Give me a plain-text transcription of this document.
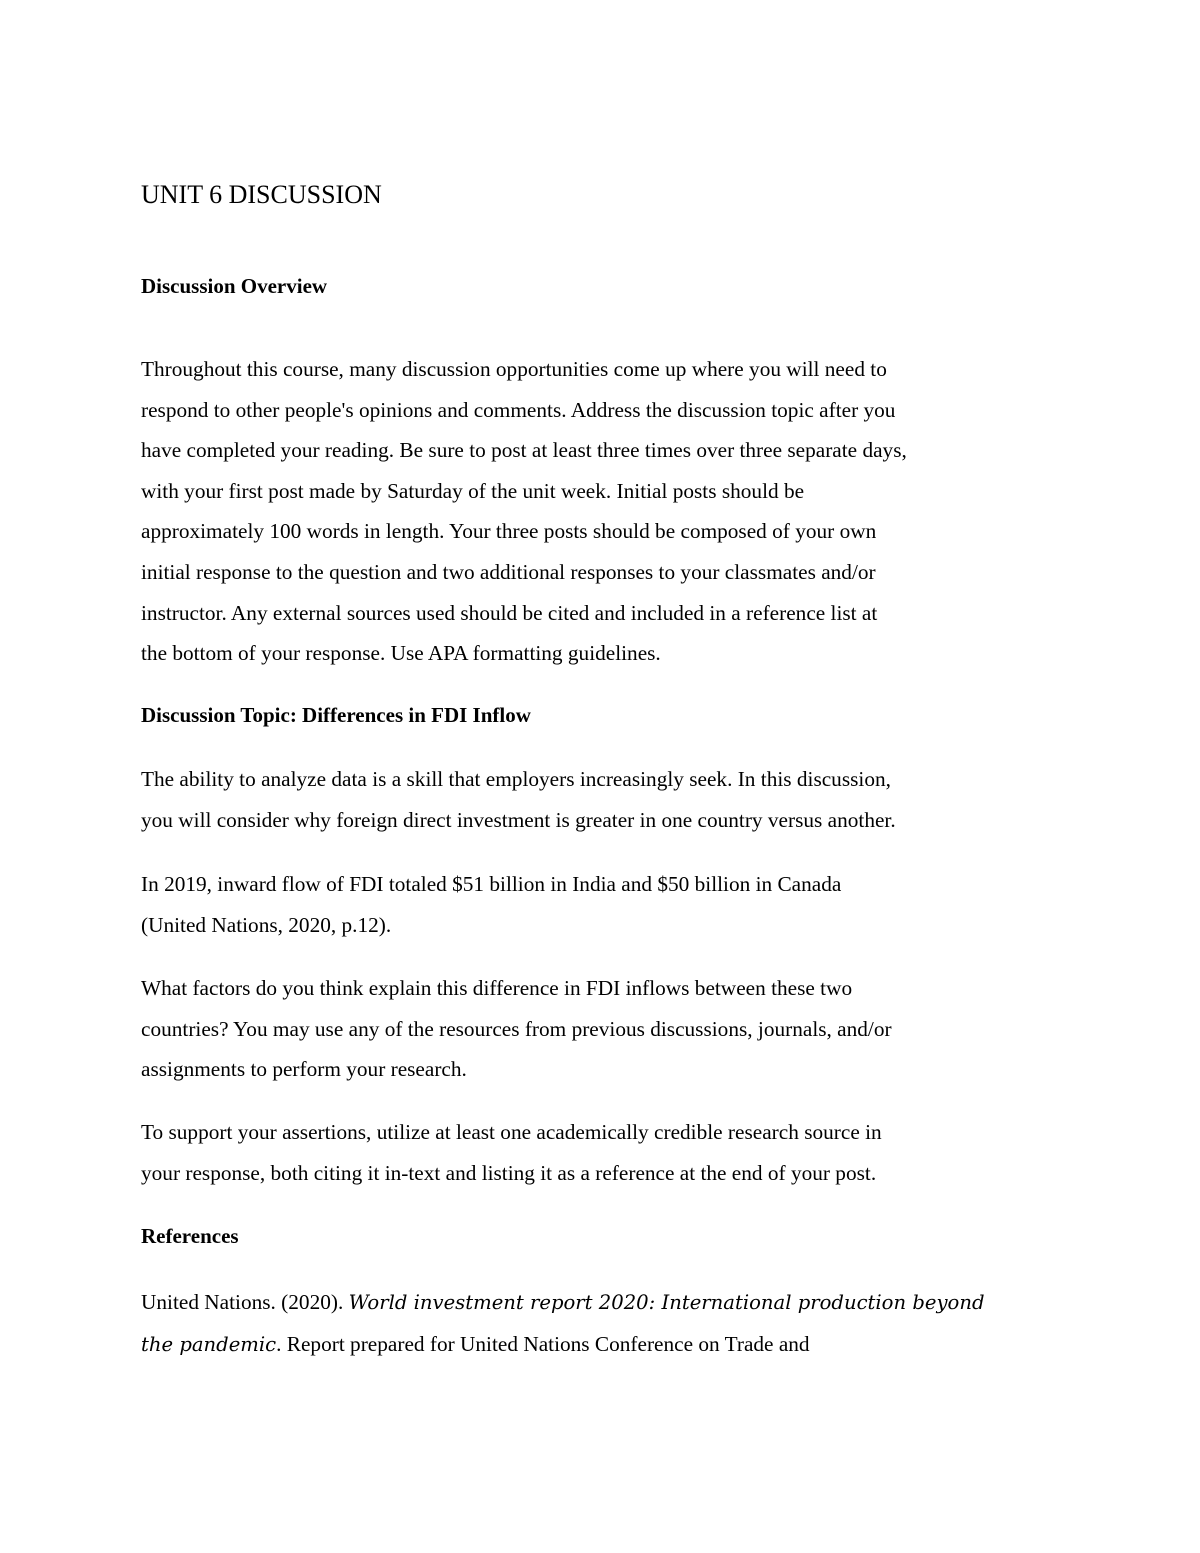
UNIT 6 DISCUSSION
Discussion Overview

Throughout this course, many discussion opportunities come up where you will need to
respond to other people's opinions and comments. Address the discussion topic after you
have completed your reading. Be sure to post at least three times over three separate days,
with your first post made by Saturday of the unit week. Initial posts should be
approximately 100 words in length. Your three posts should be composed of your own
initial response to the question and two additional responses to your classmates and/or
instructor. Any external sources used should be cited and included in a reference list at
the bottom of your response. Use APA formatting guidelines.

Discussion Topic: Differences in FDI Inflow

The ability to analyze data is a skill that employers increasingly seek. In this discussion,
you will consider why foreign direct investment is greater in one country versus another.

In 2019, inward flow of FDI totaled $51 billion in India and $50 billion in Canada
(United Nations, 2020, p.12).

What factors do you think explain this difference in FDI inflows between these two
countries? You may use any of the resources from previous discussions, journals, and/or
assignments to perform your research.

To support your assertions, utilize at least one academically credible research source in
your response, both citing it in-text and listing it as a reference at the end of your post.

References

United Nations. (2020). World investment report 2020: International production beyond
the pandemic. Report prepared for United Nations Conference on Trade and
